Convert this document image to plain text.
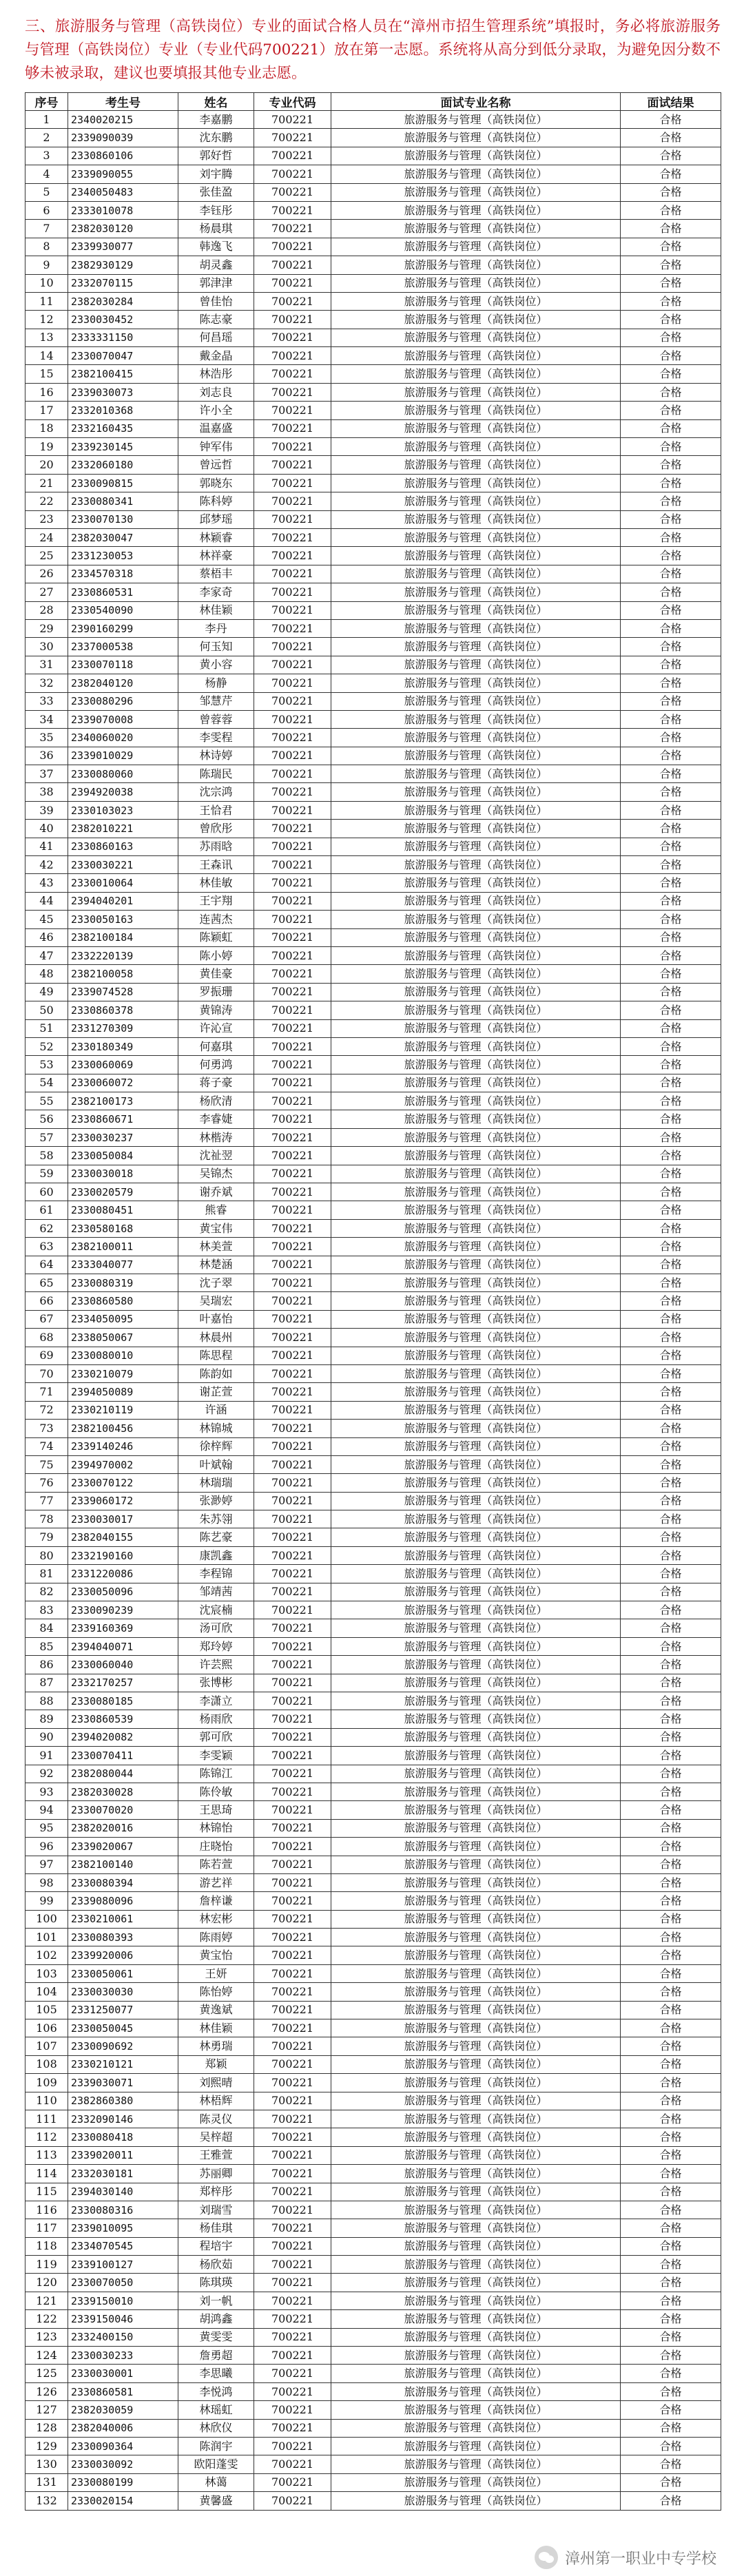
三、旅游服务与管理（高铁岗位）专业的面试合格人员在“漳州市招生管理系统”填报时，务必将旅游服务与管理（高铁岗位）专业（专业代码700221）放在第一志愿。系统将从高分到低分录取，为避免因分数不够未被录取，建议也要填报其他专业志愿。

序号	考生号	姓名	专业代码	面试专业名称	面试结果
1	2340020215	李嘉鹏	700221	旅游服务与管理（高铁岗位）	合格
2	2339090039	沈东鹏	700221	旅游服务与管理（高铁岗位）	合格
3	2330860106	郭好哲	700221	旅游服务与管理（高铁岗位）	合格
4	2339090055	刘宇腾	700221	旅游服务与管理（高铁岗位）	合格
5	2340050483	张佳盈	700221	旅游服务与管理（高铁岗位）	合格
6	2333010078	李钰彤	700221	旅游服务与管理（高铁岗位）	合格
7	2382030120	杨晨琪	700221	旅游服务与管理（高铁岗位）	合格
8	2339930077	韩逸飞	700221	旅游服务与管理（高铁岗位）	合格
9	2382930129	胡灵鑫	700221	旅游服务与管理（高铁岗位）	合格
10	2332070115	郭津津	700221	旅游服务与管理（高铁岗位）	合格
11	2382030284	曾佳怡	700221	旅游服务与管理（高铁岗位）	合格
12	2330030452	陈志豪	700221	旅游服务与管理（高铁岗位）	合格
13	2333331150	何昌瑶	700221	旅游服务与管理（高铁岗位）	合格
14	2330070047	戴金晶	700221	旅游服务与管理（高铁岗位）	合格
15	2382100415	林浩彤	700221	旅游服务与管理（高铁岗位）	合格
16	2339030073	刘志良	700221	旅游服务与管理（高铁岗位）	合格
17	2332010368	许小全	700221	旅游服务与管理（高铁岗位）	合格
18	2332160435	温嘉盛	700221	旅游服务与管理（高铁岗位）	合格
19	2339230145	钟军伟	700221	旅游服务与管理（高铁岗位）	合格
20	2332060180	曾远哲	700221	旅游服务与管理（高铁岗位）	合格
21	2330090815	郭晓东	700221	旅游服务与管理（高铁岗位）	合格
22	2330080341	陈科婷	700221	旅游服务与管理（高铁岗位）	合格
23	2330070130	邱梦瑶	700221	旅游服务与管理（高铁岗位）	合格
24	2382030047	林颖睿	700221	旅游服务与管理（高铁岗位）	合格
25	2331230053	林祥豪	700221	旅游服务与管理（高铁岗位）	合格
26	2334570318	蔡梧丰	700221	旅游服务与管理（高铁岗位）	合格
27	2330860531	李家奇	700221	旅游服务与管理（高铁岗位）	合格
28	2330540090	林佳颖	700221	旅游服务与管理（高铁岗位）	合格
29	2390160299	李丹	700221	旅游服务与管理（高铁岗位）	合格
30	2337000538	何玉知	700221	旅游服务与管理（高铁岗位）	合格
31	2330070118	黄小容	700221	旅游服务与管理（高铁岗位）	合格
32	2382040120	杨静	700221	旅游服务与管理（高铁岗位）	合格
33	2330080296	邹慧芹	700221	旅游服务与管理（高铁岗位）	合格
34	2339070008	曾蓉蓉	700221	旅游服务与管理（高铁岗位）	合格
35	2340060020	李雯程	700221	旅游服务与管理（高铁岗位）	合格
36	2339010029	林诗婷	700221	旅游服务与管理（高铁岗位）	合格
37	2330080060	陈瑞民	700221	旅游服务与管理（高铁岗位）	合格
38	2394920038	沈宗鸿	700221	旅游服务与管理（高铁岗位）	合格
39	2330103023	王恰君	700221	旅游服务与管理（高铁岗位）	合格
40	2382010221	曾欣彤	700221	旅游服务与管理（高铁岗位）	合格
41	2330860163	苏雨晗	700221	旅游服务与管理（高铁岗位）	合格
42	2330030221	王森讯	700221	旅游服务与管理（高铁岗位）	合格
43	2330010064	林佳敏	700221	旅游服务与管理（高铁岗位）	合格
44	2394040201	王宇翔	700221	旅游服务与管理（高铁岗位）	合格
45	2330050163	连茜杰	700221	旅游服务与管理（高铁岗位）	合格
46	2382100184	陈颖虹	700221	旅游服务与管理（高铁岗位）	合格
47	2332220139	陈小婷	700221	旅游服务与管理（高铁岗位）	合格
48	2382100058	黄佳豪	700221	旅游服务与管理（高铁岗位）	合格
49	2339074528	罗振珊	700221	旅游服务与管理（高铁岗位）	合格
50	2330860378	黄锦涛	700221	旅游服务与管理（高铁岗位）	合格
51	2331270309	许沁宣	700221	旅游服务与管理（高铁岗位）	合格
52	2330180349	何嘉琪	700221	旅游服务与管理（高铁岗位）	合格
53	2330060069	何勇鸿	700221	旅游服务与管理（高铁岗位）	合格
54	2330060072	蒋子豪	700221	旅游服务与管理（高铁岗位）	合格
55	2382100173	杨欣清	700221	旅游服务与管理（高铁岗位）	合格
56	2330860671	李睿婕	700221	旅游服务与管理（高铁岗位）	合格
57	2330030237	林楷涛	700221	旅游服务与管理（高铁岗位）	合格
58	2330050084	沈祉翌	700221	旅游服务与管理（高铁岗位）	合格
59	2330030018	吴锦杰	700221	旅游服务与管理（高铁岗位）	合格
60	2330020579	谢乔斌	700221	旅游服务与管理（高铁岗位）	合格
61	2330080451	熊睿	700221	旅游服务与管理（高铁岗位）	合格
62	2330580168	黄宝伟	700221	旅游服务与管理（高铁岗位）	合格
63	2382100011	林美萱	700221	旅游服务与管理（高铁岗位）	合格
64	2333040077	林楚涵	700221	旅游服务与管理（高铁岗位）	合格
65	2330080319	沈子翠	700221	旅游服务与管理（高铁岗位）	合格
66	2330860580	吴瑞宏	700221	旅游服务与管理（高铁岗位）	合格
67	2334050095	叶嘉怡	700221	旅游服务与管理（高铁岗位）	合格
68	2338050067	林晨州	700221	旅游服务与管理（高铁岗位）	合格
69	2330080010	陈思程	700221	旅游服务与管理（高铁岗位）	合格
70	2330210079	陈韵如	700221	旅游服务与管理（高铁岗位）	合格
71	2394050089	谢芷萱	700221	旅游服务与管理（高铁岗位）	合格
72	2330210119	许涵	700221	旅游服务与管理（高铁岗位）	合格
73	2382100456	林锦城	700221	旅游服务与管理（高铁岗位）	合格
74	2339140246	徐梓辉	700221	旅游服务与管理（高铁岗位）	合格
75	2394970002	叶斌翰	700221	旅游服务与管理（高铁岗位）	合格
76	2330070122	林瑞瑞	700221	旅游服务与管理（高铁岗位）	合格
77	2339060172	张渺婷	700221	旅游服务与管理（高铁岗位）	合格
78	2330030017	朱苏翎	700221	旅游服务与管理（高铁岗位）	合格
79	2382040155	陈艺豪	700221	旅游服务与管理（高铁岗位）	合格
80	2332190160	康凯鑫	700221	旅游服务与管理（高铁岗位）	合格
81	2331220086	李程锦	700221	旅游服务与管理（高铁岗位）	合格
82	2330050096	邹靖茜	700221	旅游服务与管理（高铁岗位）	合格
83	2330090239	沈宸楠	700221	旅游服务与管理（高铁岗位）	合格
84	2339160369	汤可欣	700221	旅游服务与管理（高铁岗位）	合格
85	2394040071	郑玲婷	700221	旅游服务与管理（高铁岗位）	合格
86	2330060040	许芸熙	700221	旅游服务与管理（高铁岗位）	合格
87	2332170257	张博彬	700221	旅游服务与管理（高铁岗位）	合格
88	2330080185	李潇立	700221	旅游服务与管理（高铁岗位）	合格
89	2330860539	杨雨欣	700221	旅游服务与管理（高铁岗位）	合格
90	2394020082	郭可欣	700221	旅游服务与管理（高铁岗位）	合格
91	2330070411	李雯颖	700221	旅游服务与管理（高铁岗位）	合格
92	2382080044	陈锦江	700221	旅游服务与管理（高铁岗位）	合格
93	2382030028	陈伶敏	700221	旅游服务与管理（高铁岗位）	合格
94	2330070020	王思琦	700221	旅游服务与管理（高铁岗位）	合格
95	2382020016	林锦怡	700221	旅游服务与管理（高铁岗位）	合格
96	2339020067	庄晓怡	700221	旅游服务与管理（高铁岗位）	合格
97	2382100140	陈若萱	700221	旅游服务与管理（高铁岗位）	合格
98	2330080394	游艺祥	700221	旅游服务与管理（高铁岗位）	合格
99	2339080096	詹梓谦	700221	旅游服务与管理（高铁岗位）	合格
100	2330210061	林宏彬	700221	旅游服务与管理（高铁岗位）	合格
101	2330080393	陈雨婷	700221	旅游服务与管理（高铁岗位）	合格
102	2339920006	黄宝怡	700221	旅游服务与管理（高铁岗位）	合格
103	2330050061	王妍	700221	旅游服务与管理（高铁岗位）	合格
104	2330030030	陈怡婷	700221	旅游服务与管理（高铁岗位）	合格
105	2331250077	黄逸斌	700221	旅游服务与管理（高铁岗位）	合格
106	2330050045	林佳颖	700221	旅游服务与管理（高铁岗位）	合格
107	2330090692	林勇瑞	700221	旅游服务与管理（高铁岗位）	合格
108	2330210121	郑颖	700221	旅游服务与管理（高铁岗位）	合格
109	2339030071	刘熙晴	700221	旅游服务与管理（高铁岗位）	合格
110	2382860380	林梧辉	700221	旅游服务与管理（高铁岗位）	合格
111	2332090146	陈灵仪	700221	旅游服务与管理（高铁岗位）	合格
112	2330080418	吴梓超	700221	旅游服务与管理（高铁岗位）	合格
113	2339020011	王雅萱	700221	旅游服务与管理（高铁岗位）	合格
114	2332030181	苏丽卿	700221	旅游服务与管理（高铁岗位）	合格
115	2394030140	郑梓彤	700221	旅游服务与管理（高铁岗位）	合格
116	2330080316	刘瑞雪	700221	旅游服务与管理（高铁岗位）	合格
117	2339010095	杨佳琪	700221	旅游服务与管理（高铁岗位）	合格
118	2334070545	程培宇	700221	旅游服务与管理（高铁岗位）	合格
119	2339100127	杨欣茹	700221	旅游服务与管理（高铁岗位）	合格
120	2330070050	陈琪瑛	700221	旅游服务与管理（高铁岗位）	合格
121	2339150010	刘一帆	700221	旅游服务与管理（高铁岗位）	合格
122	2339150046	胡鸿鑫	700221	旅游服务与管理（高铁岗位）	合格
123	2332400150	黄雯雯	700221	旅游服务与管理（高铁岗位）	合格
124	2330030233	詹勇超	700221	旅游服务与管理（高铁岗位）	合格
125	2330030001	李思曦	700221	旅游服务与管理（高铁岗位）	合格
126	2330860581	李悦鸿	700221	旅游服务与管理（高铁岗位）	合格
127	2382030059	林瑶虹	700221	旅游服务与管理（高铁岗位）	合格
128	2382040006	林欣仪	700221	旅游服务与管理（高铁岗位）	合格
129	2330090364	陈润宇	700221	旅游服务与管理（高铁岗位）	合格
130	2330030092	欧阳蓬雯	700221	旅游服务与管理（高铁岗位）	合格
131	2330080199	林蔼	700221	旅游服务与管理（高铁岗位）	合格
132	2330020154	黄馨盛	700221	旅游服务与管理（高铁岗位）	合格
漳州第一职业中专学校
